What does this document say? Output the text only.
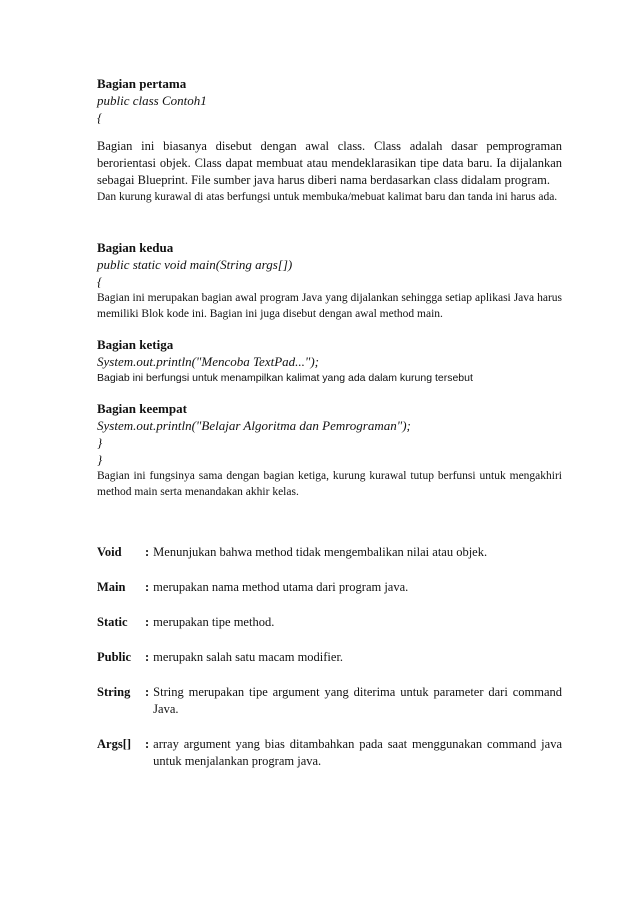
Bagian pertama

public class Contoh1

{

Bagian ini biasanya disebut dengan awal class. Class adalah dasar pemprograman berorientasi objek. Class dapat membuat atau mendeklarasikan tipe data baru. Ia dijalankan sebagai Blueprint. File sumber java harus diberi nama berdasarkan class didalam program.

Dan kurung kurawal di atas berfungsi untuk membuka/mebuat kalimat baru dan tanda ini harus ada.

Bagian kedua

public static void main(String args[])

{

Bagian ini merupakan bagian awal program Java yang dijalankan sehingga setiap aplikasi Java harus memiliki Blok kode ini. Bagian ini juga disebut dengan awal method main.

Bagian ketiga

System.out.println("Mencoba TextPad...");

Bagiab ini berfungsi untuk menampilkan kalimat yang ada dalam kurung tersebut

Bagian keempat

System.out.println("Belajar Algoritma dan Pemrograman");

}

}

Bagian ini fungsinya sama dengan bagian ketiga, kurung kurawal tutup berfunsi untuk mengakhiri method main serta menandakan akhir kelas.

Void	: Menunjukan bahwa method tidak mengembalikan nilai atau objek.
Main	: merupakan nama method utama dari program java.
Static	: merupakan tipe method.
Public	: merupakn salah satu macam modifier.
String	: String merupakan tipe argument yang diterima untuk parameter dari command Java.
Args[]	: array argument yang bias ditambahkan pada saat menggunakan command java untuk menjalankan program java.
